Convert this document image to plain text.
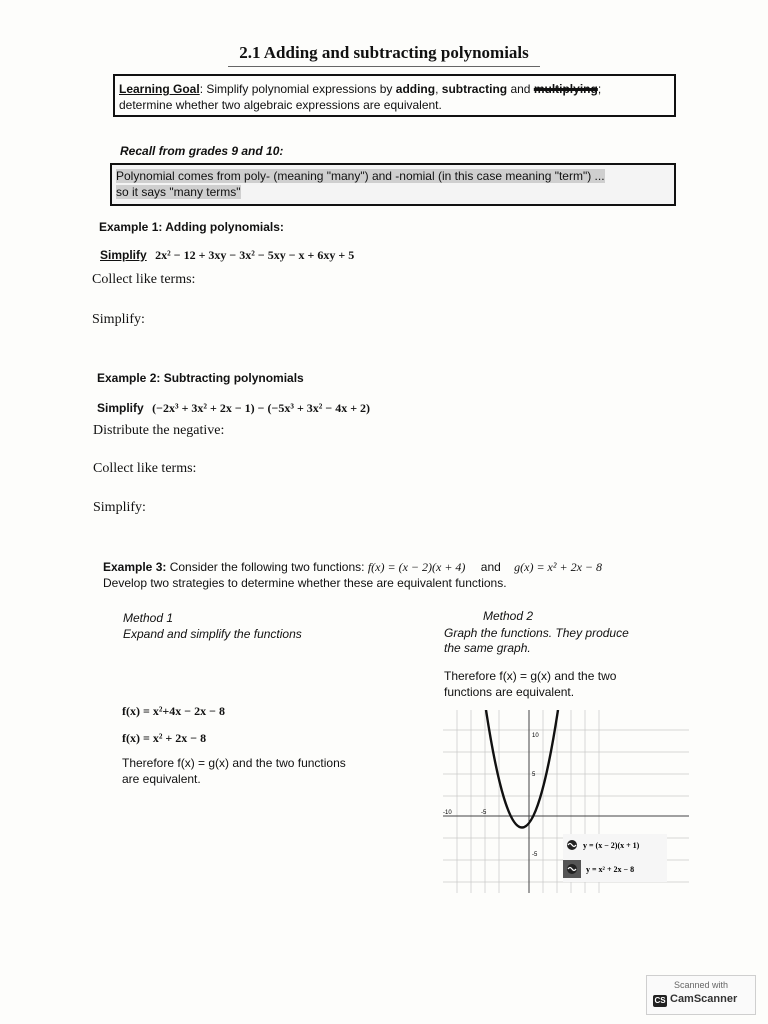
2.1 Adding and subtracting polynomials
Learning Goal: Simplify polynomial expressions by adding, subtracting and multiplying;
determine whether two algebraic expressions are equivalent.
Recall from grades 9 and 10:
Polynomial comes from poly- (meaning "many") and -nomial (in this case meaning "term") ...
so it says "many terms"
Example 1: Adding polynomials:
Simplify 2x² − 12 + 3xy − 3x² − 5xy − x + 6xy + 5
Collect like terms:
Simplify:
Example 2: Subtracting polynomials
Simplify (−2x³ + 3x² + 2x − 1) − (−5x³ + 3x² − 4x + 2)
Distribute the negative:
Collect like terms:
Simplify:
Example 3: Consider the following two functions: f(x) = (x − 2)(x + 4) and g(x) = x² + 2x − 8
Develop two strategies to determine whether these are equivalent functions.
Method 1
Expand and simplify the functions
f(x) = x²+4x − 2x − 8
f(x) = x² + 2x − 8
Therefore f(x) = g(x) and the two functions
are equivalent.
Method 2
Graph the functions. They produce
the same graph.
Therefore f(x) = g(x) and the two
functions are equivalent.
10
5
-5
-10	-5
y = (x − 2)(x + 1)
y = x² + 2x − 8
Scanned with
CS CamScanner
